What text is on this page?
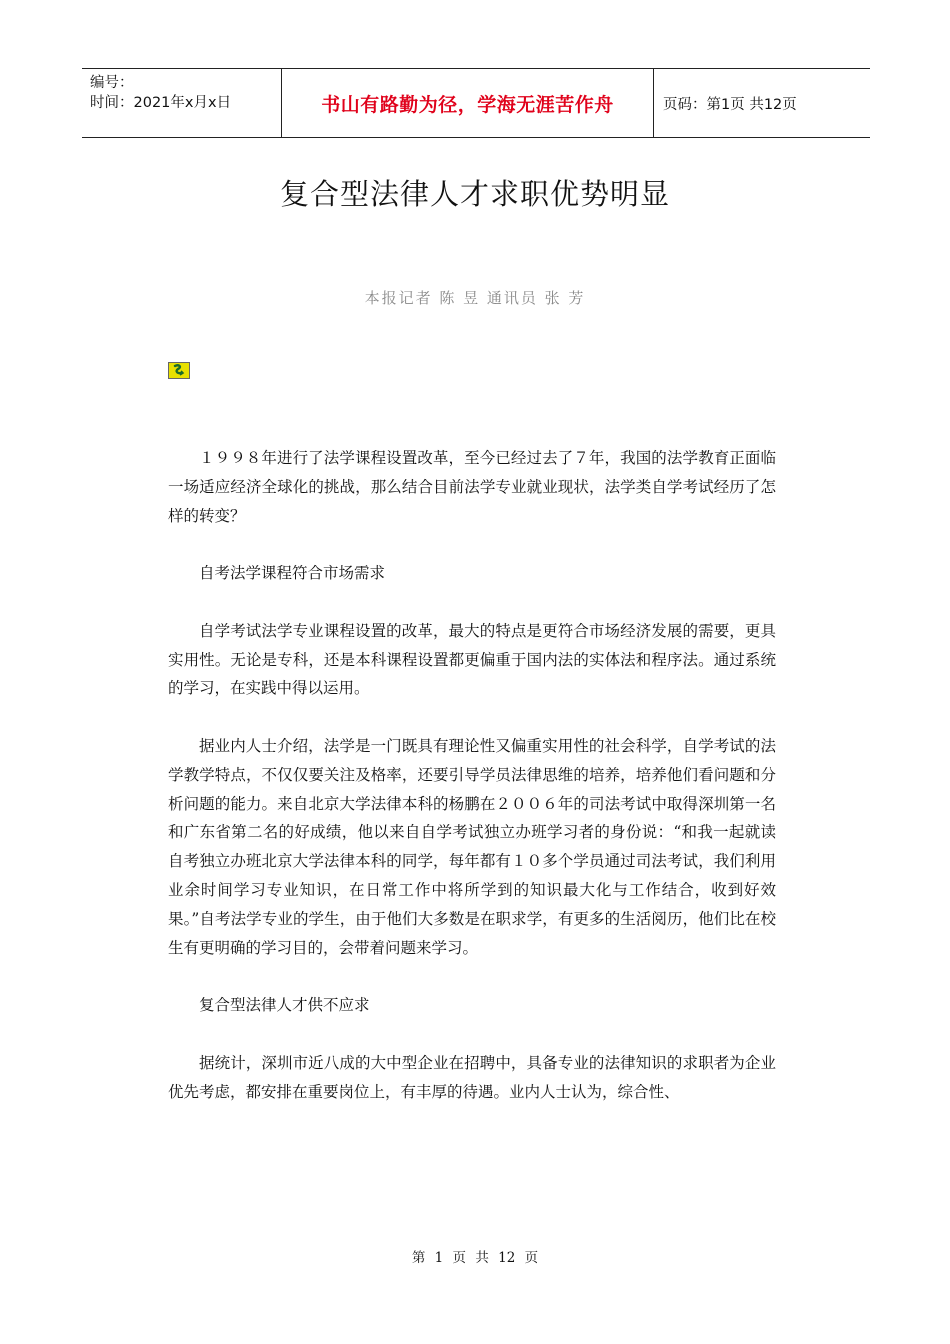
编号：
时间：2021年x月x日	书山有路勤为径，学海无涯苦作舟	页码：第1页 共12页
复合型法律人才求职优势明显
本报记者 陈 昱 通讯员 张 芳

１９９８年进行了法学课程设置改革，至今已经过去了７年，我国的法学教育正面临一场适应经济全球化的挑战，那么结合目前法学专业就业现状，法学类自学考试经历了怎样的转变？

自考法学课程符合市场需求

自学考试法学专业课程设置的改革，最大的特点是更符合市场经济发展的需要，更具实用性。无论是专科，还是本科课程设置都更偏重于国内法的实体法和程序法。通过系统的学习，在实践中得以运用。

据业内人士介绍，法学是一门既具有理论性又偏重实用性的社会科学，自学考试的法学教学特点，不仅仅要关注及格率，还要引导学员法律思维的培养，培养他们看问题和分析问题的能力。来自北京大学法律本科的杨鹏在２００６年的司法考试中取得深圳第一名和广东省第二名的好成绩，他以来自自学考试独立办班学习者的身份说：“和我一起就读自考独立办班北京大学法律本科的同学，每年都有１０多个学员通过司法考试，我们利用业余时间学习专业知识，在日常工作中将所学到的知识最大化与工作结合，收到好效果。”自考法学专业的学生，由于他们大多数是在职求学，有更多的生活阅历，他们比在校生有更明确的学习目的，会带着问题来学习。

复合型法律人才供不应求

据统计，深圳市近八成的大中型企业在招聘中，具备专业的法律知识的求职者为企业优先考虑，都安排在重要岗位上，有丰厚的待遇。业内人士认为，综合性、

第 1 页 共 12 页
